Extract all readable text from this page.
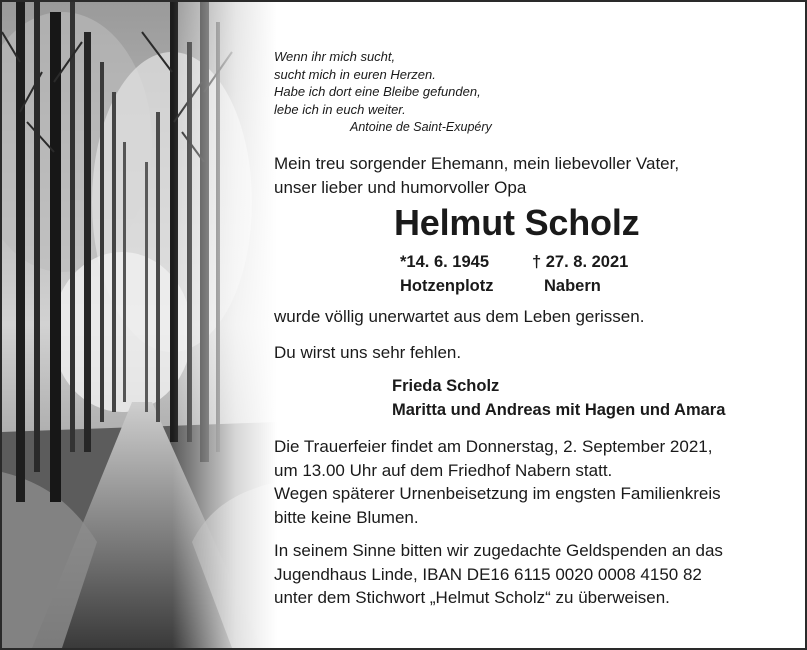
Wenn ihr mich sucht,
sucht mich in euren Herzen.
Habe ich dort eine Bleibe gefunden,
lebe ich in euch weiter.
Antoine de Saint-Exupéry
Mein treu sorgender Ehemann, mein liebevoller Vater,
unser lieber und humorvoller Opa
Helmut Scholz
*14. 6. 1945
Hotzenplotz
† 27. 8. 2021
Nabern
wurde völlig unerwartet aus dem Leben gerissen.
Du wirst uns sehr fehlen.
Frieda Scholz
Maritta und Andreas mit Hagen und Amara
Die Trauerfeier findet am Donnerstag, 2. September 2021,
um 13.00 Uhr auf dem Friedhof Nabern statt.
Wegen späterer Urnenbeisetzung im engsten Familienkreis
bitte keine Blumen.
In seinem Sinne bitten wir zugedachte Geldspenden an das
Jugendhaus Linde, IBAN DE16 6115 0020 0008 4150 82
unter dem Stichwort „Helmut Scholz“ zu überweisen.
